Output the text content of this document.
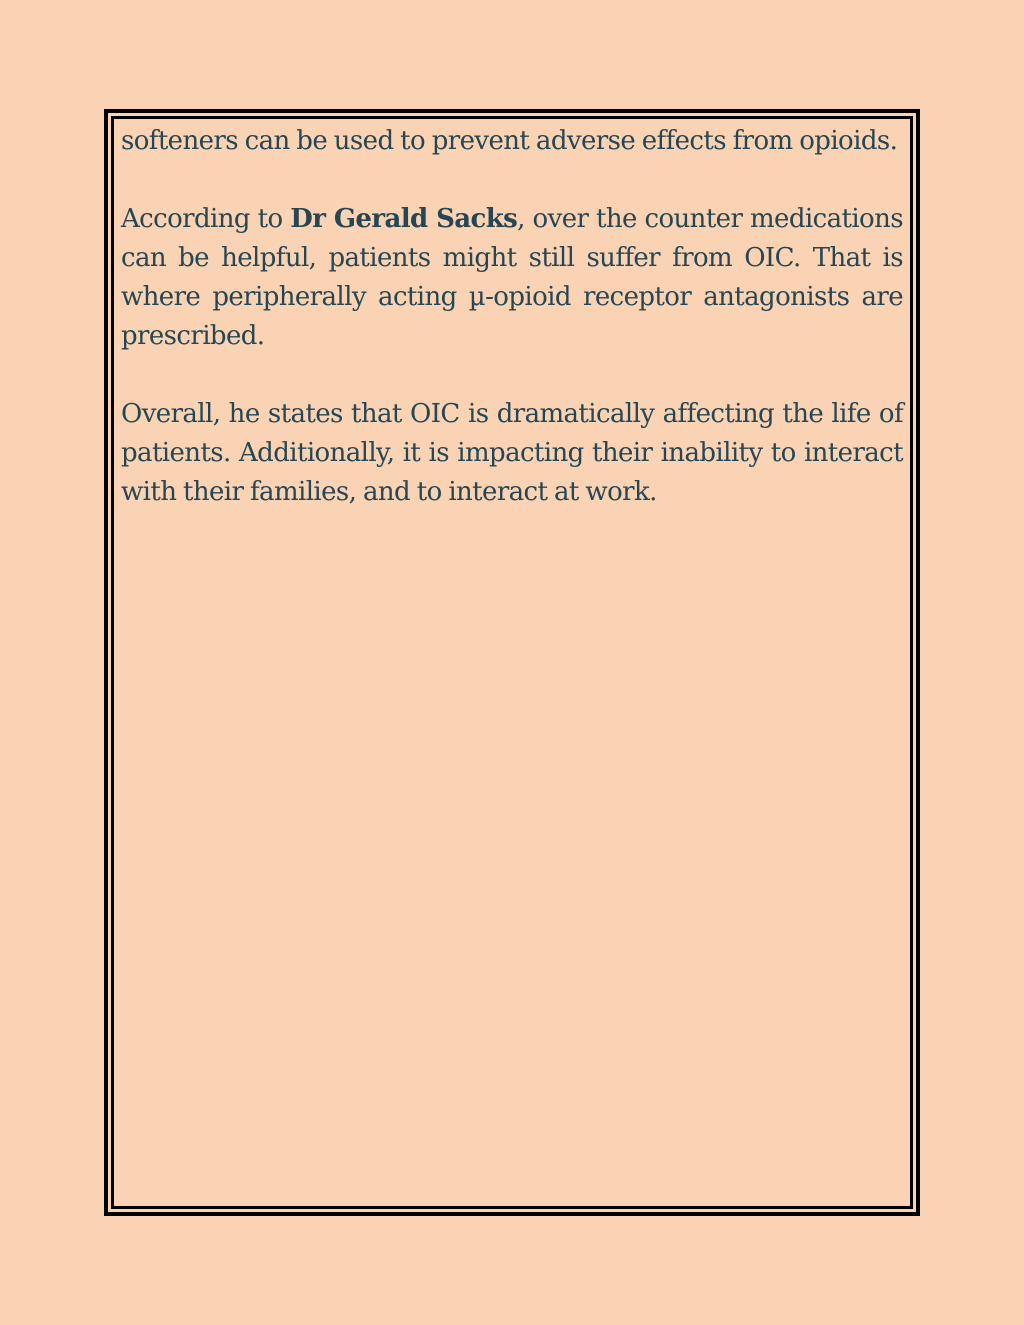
softeners can be used to prevent adverse effects from opioids.

According to Dr Gerald Sacks, over the counter medications can be helpful, patients might still suffer from OIC. That is where peripherally acting µ-opioid receptor antagonists are prescribed.

Overall, he states that OIC is dramatically affecting the life of patients. Additionally, it is impacting their inability to interact with their families, and to interact at work.
